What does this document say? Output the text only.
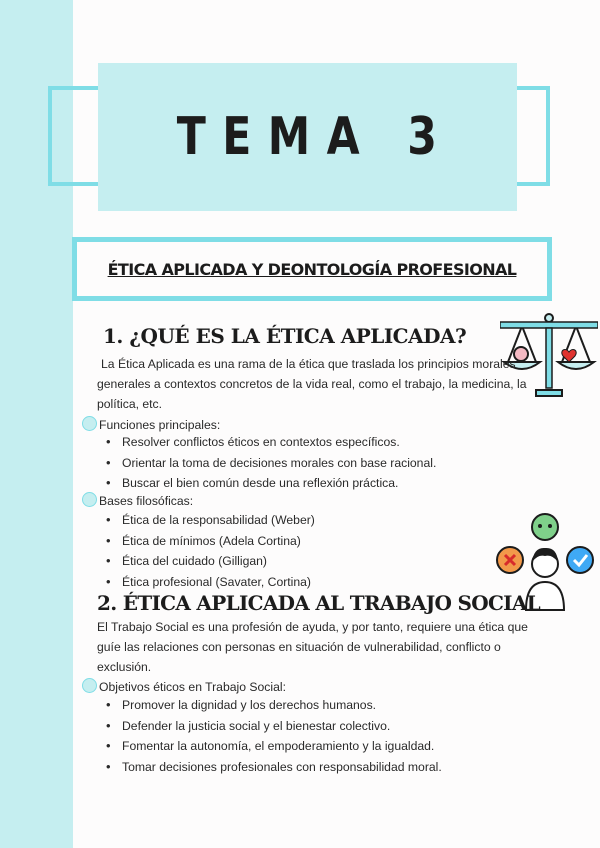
TEMA 3
ÉTICA APLICADA Y DEONTOLOGÍA PROFESIONAL
1. ¿QUÉ ES LA ÉTICA APLICADA?
La Ética Aplicada es una rama de la ética que traslada los principios morales generales a contextos concretos de la vida real, como el trabajo, la medicina, la política, etc.
Funciones principales:
• Resolver conflictos éticos en contextos específicos.
• Orientar la toma de decisiones morales con base racional.
• Buscar el bien común desde una reflexión práctica.
Bases filosóficas:
• Ética de la responsabilidad (Weber)
• Ética de mínimos (Adela Cortina)
• Ética del cuidado (Gilligan)
• Ética profesional (Savater, Cortina)
2. ÉTICA APLICADA AL TRABAJO SOCIAL
El Trabajo Social es una profesión de ayuda, y por tanto, requiere una ética que guíe las relaciones con personas en situación de vulnerabilidad, conflicto o exclusión.
Objetivos éticos en Trabajo Social:
• Promover la dignidad y los derechos humanos.
• Defender la justicia social y el bienestar colectivo.
• Fomentar la autonomía, el empoderamiento y la igualdad.
• Tomar decisiones profesionales con responsabilidad moral.
